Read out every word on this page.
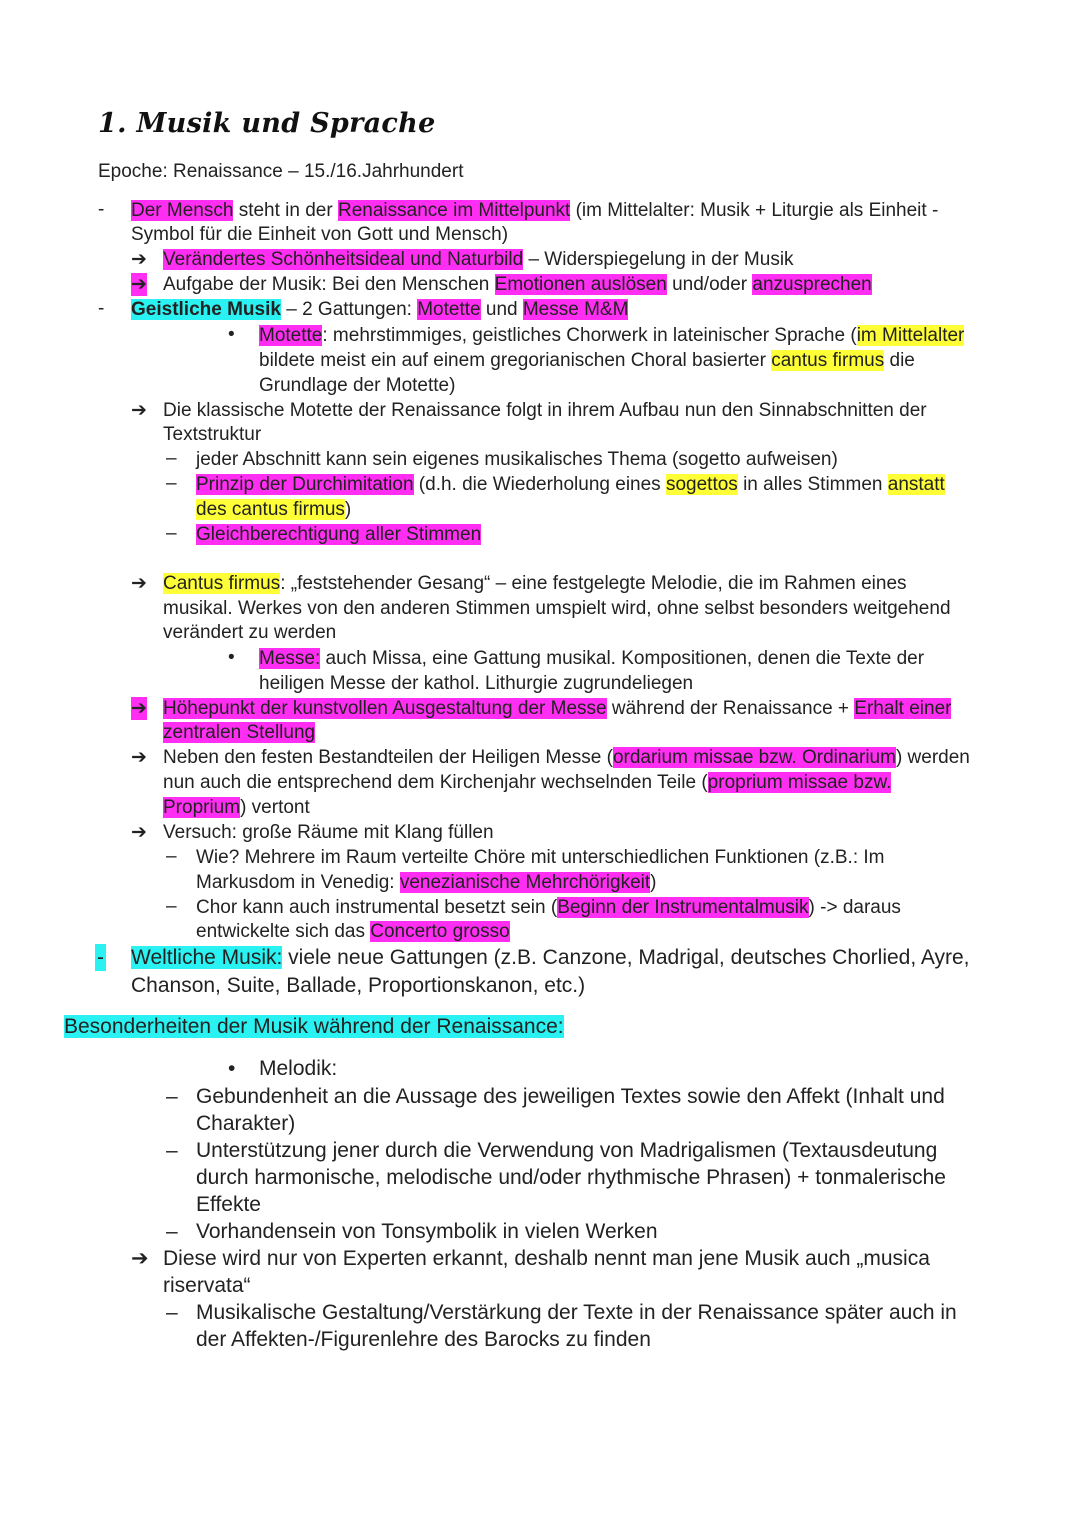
1. Musik und Sprache
Epoche: Renaissance – 15./16.Jahrhundert
- Der Mensch steht in der Renaissance im Mittelpunkt (im Mittelalter: Musik + Liturgie als Einheit -
Symbol für die Einheit von Gott und Mensch)
➔ Verändertes Schönheitsideal und Naturbild – Widerspiegelung in der Musik
➔ Aufgabe der Musik: Bei den Menschen Emotionen auslösen und/oder anzusprechen
- Geistliche Musik – 2 Gattungen: Motette und Messe M&M
• Motette: mehrstimmiges, geistliches Chorwerk in lateinischer Sprache (im Mittelalter
bildete meist ein auf einem gregorianischen Choral basierter cantus firmus die
Grundlage der Motette)
➔ Die klassische Motette der Renaissance folgt in ihrem Aufbau nun den Sinnabschnitten der
Textstruktur
– jeder Abschnitt kann sein eigenes musikalisches Thema (sogetto aufweisen)
– Prinzip der Durchimitation (d.h. die Wiederholung eines sogettos in alles Stimmen anstatt
des cantus firmus)
– Gleichberechtigung aller Stimmen
➔ Cantus firmus: „feststehender Gesang“ – eine festgelegte Melodie, die im Rahmen eines
musikal. Werkes von den anderen Stimmen umspielt wird, ohne selbst besonders weitgehend
verändert zu werden
• Messe: auch Missa, eine Gattung musikal. Kompositionen, denen die Texte der
heiligen Messe der kathol. Lithurgie zugrundeliegen
➔ Höhepunkt der kunstvollen Ausgestaltung der Messe während der Renaissance + Erhalt einer
zentralen Stellung
➔ Neben den festen Bestandteilen der Heiligen Messe (ordarium missae bzw. Ordinarium) werden
nun auch die entsprechend dem Kirchenjahr wechselnden Teile (proprium missae bzw.
Proprium) vertont
➔ Versuch: große Räume mit Klang füllen
– Wie? Mehrere im Raum verteilte Chöre mit unterschiedlichen Funktionen (z.B.: Im
Markusdom in Venedig: venezianische Mehrchörigkeit)
– Chor kann auch instrumental besetzt sein (Beginn der Instrumentalmusik) -> daraus
entwickelte sich das Concerto grosso
- Weltliche Musik: viele neue Gattungen (z.B. Canzone, Madrigal, deutsches Chorlied, Ayre,
Chanson, Suite, Ballade, Proportionskanon, etc.)
Besonderheiten der Musik während der Renaissance:
• Melodik:
– Gebundenheit an die Aussage des jeweiligen Textes sowie den Affekt (Inhalt und
Charakter)
– Unterstützung jener durch die Verwendung von Madrigalismen (Textausdeutung
durch harmonische, melodische und/oder rhythmische Phrasen) + tonmalerische
Effekte
– Vorhandensein von Tonsymbolik in vielen Werken
➔ Diese wird nur von Experten erkannt, deshalb nennt man jene Musik auch „musica
riservata“
– Musikalische Gestaltung/Verstärkung der Texte in der Renaissance später auch in
der Affekten-/Figurenlehre des Barocks zu finden
